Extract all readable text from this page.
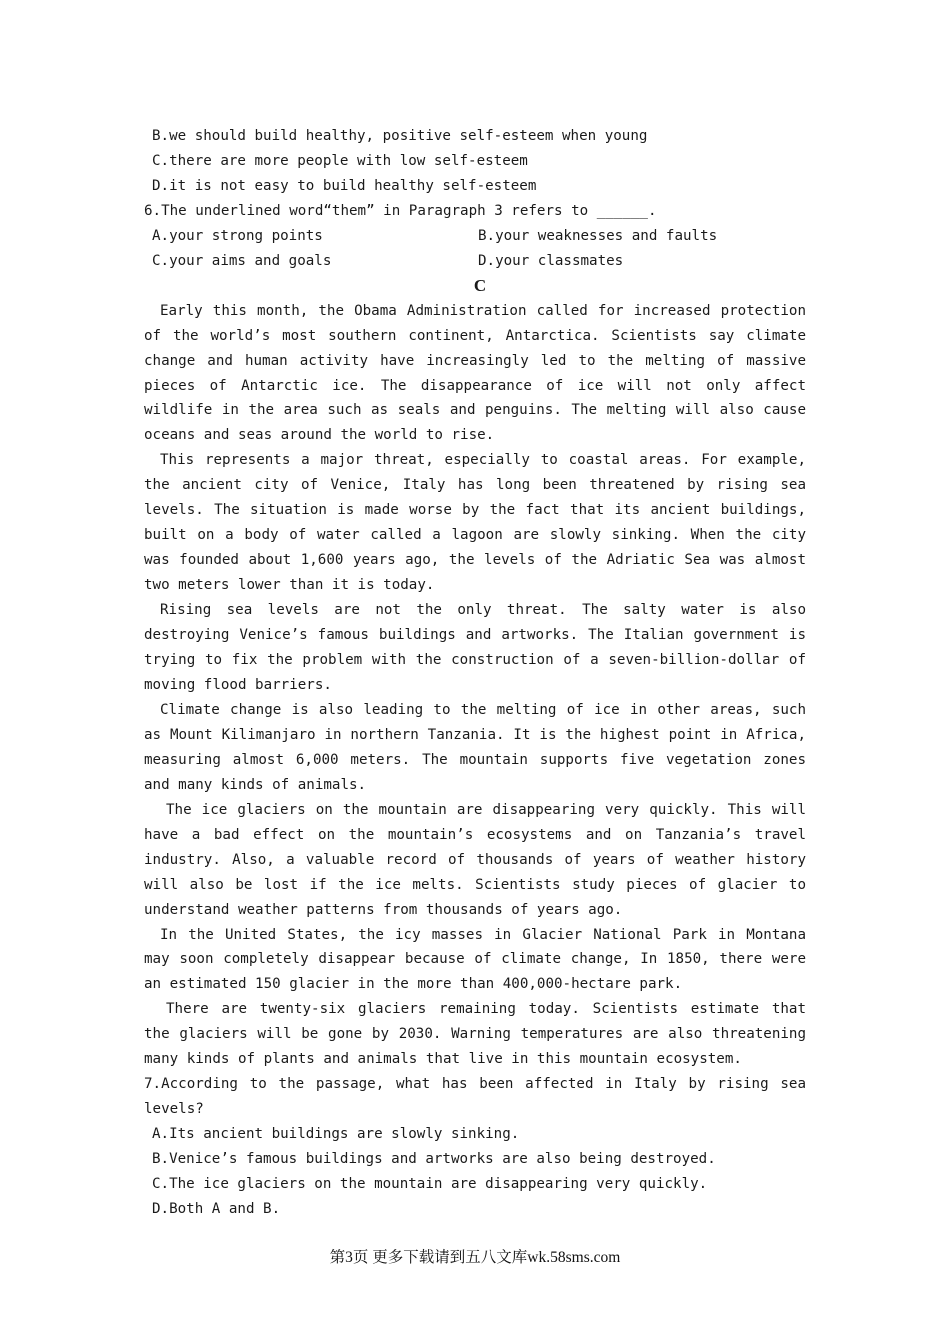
B.we should build healthy, positive self-esteem when young
C.there are more people with low self-esteem
D.it is not easy to build healthy self-esteem
6.The underlined word“them” in Paragraph 3 refers to ______.
A.your strong points	B.your weaknesses and faults
C.your aims and goals	D.your classmates
C

Early this month, the Obama Administration called for increased protection of the world’s most southern continent, Antarctica. Scientists say climate change and human activity have increasingly led to the melting of massive pieces of Antarctic ice. The disappearance of ice will not only affect wildlife in the area such as seals and penguins. The melting will also cause oceans and seas around the world to rise.

This represents a major threat, especially to coastal areas. For example, the ancient city of Venice, Italy has long been threatened by rising sea levels. The situation is made worse by the fact that its ancient buildings, built on a body of water called a lagoon are slowly sinking. When the city was founded about 1,600 years ago, the levels of the Adriatic Sea was almost two meters lower than it is today.

Rising sea levels are not the only threat. The salty water is also destroying Venice’s famous buildings and artworks. The Italian government is trying to fix the problem with the construction of a seven-billion-dollar of moving flood barriers.

Climate change is also leading to the melting of ice in other areas, such as Mount Kilimanjaro in northern Tanzania. It is the highest point in Africa, measuring almost 6,000 meters. The mountain supports five vegetation zones and many kinds of animals.

The ice glaciers on the mountain are disappearing very quickly. This will have a bad effect on the mountain’s ecosystems and on Tanzania’s travel industry. Also, a valuable record of thousands of years of weather history will also be lost if the ice melts. Scientists study pieces of glacier to understand weather patterns from thousands of years ago.

In the United States, the icy masses in Glacier National Park in Montana may soon completely disappear because of climate change, In 1850, there were an estimated 150 glacier in the more than 400,000-hectare park.

There are twenty-six glaciers remaining today. Scientists estimate that the glaciers will be gone by 2030. Warning temperatures are also threatening many kinds of plants and animals that live in this mountain ecosystem.

7.According to the passage, what has been affected in Italy by rising sea levels?
A.Its ancient buildings are slowly sinking.
B.Venice’s famous buildings and artworks are also being destroyed.
C.The ice glaciers on the mountain are disappearing very quickly.
D.Both A and B.
第3页 更多下载请到五八文库wk.58sms.com
